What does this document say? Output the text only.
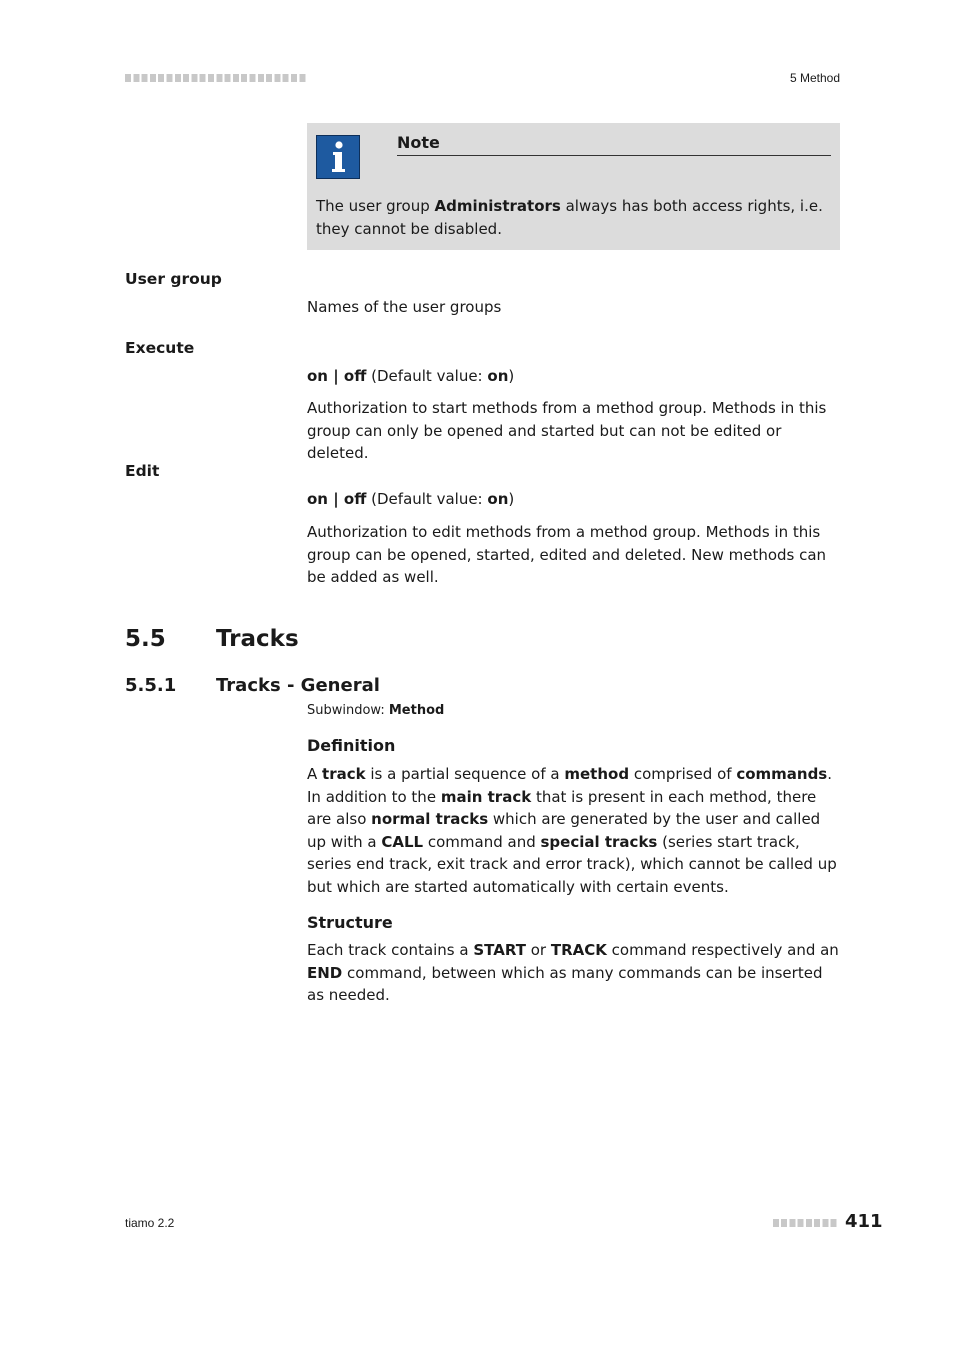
5 Method
Note
The user group Administrators always has both access rights, i.e. they cannot be disabled.
User group
Names of the user groups
Execute
on | off (Default value: on)
Authorization to start methods from a method group. Methods in this group can only be opened and started but can not be edited or deleted.
Edit
on | off (Default value: on)
Authorization to edit methods from a method group. Methods in this group can be opened, started, edited and deleted. New methods can be added as well.
5.5 Tracks
5.5.1 Tracks - General
Subwindow: Method
Definition
A track is a partial sequence of a method comprised of commands. In addition to the main track that is present in each method, there are also normal tracks which are generated by the user and called up with a CALL command and special tracks (series start track, series end track, exit track and error track), which cannot be called up but which are started automatically with certain events.
Structure
Each track contains a START or TRACK command respectively and an END command, between which as many commands can be inserted as needed.
tiamo 2.2	411
